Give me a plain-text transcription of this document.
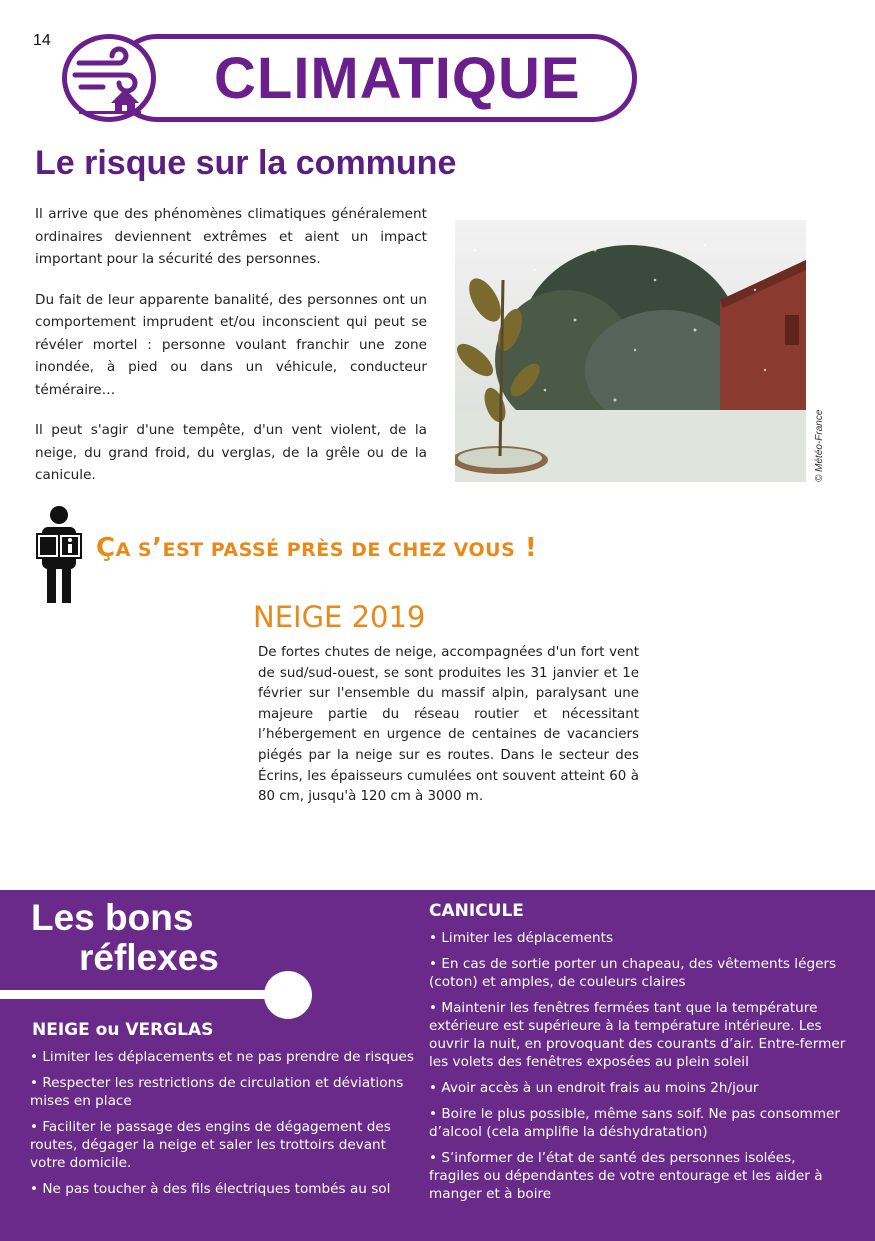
14
CLIMATIQUE
Le risque sur la commune

Il arrive que des phénomènes climatiques généralement ordinaires deviennent extrêmes et aient un impact important pour la sécurité des personnes.

Du fait de leur apparente banalité, des personnes ont un comportement imprudent et/ou inconscient qui peut se révéler mortel : personne voulant franchir une zone inondée, à pied ou dans un véhicule, conducteur téméraire…

Il peut s'agir d'une tempête, d'un vent violent, de la neige, du grand froid, du verglas, de la grêle ou de la canicule.	© Météo-France
ÇA S’EST PASSÉ PRÈS DE CHEZ VOUS !
NEIGE 2019

De fortes chutes de neige, accompagnées d'un fort vent de sud/sud-ouest, se sont produites les 31 janvier et 1e février sur l'ensemble du massif alpin, paralysant une majeure partie du réseau routier et nécessitant l’hébergement en urgence de centaines de vacanciers piégés par la neige sur es routes. Dans le secteur des Écrins, les épaisseurs cumulées ont souvent atteint 60 à 80 cm, jusqu'à 120 cm à 3000 m.

Les bons
réflexes
NEIGE ou VERGLAS
• Limiter les déplacements et ne pas prendre de risques
• Respecter les restrictions de circulation et déviations mises en place
• Faciliter le passage des engins de dégagement des routes, dégager la neige et saler les trottoirs devant votre domicile.
• Ne pas toucher à des fils électriques tombés au sol
CANICULE
• Limiter les déplacements
• En cas de sortie porter un chapeau, des vêtements légers (coton) et amples, de couleurs claires
• Maintenir les fenêtres fermées tant que la température extérieure est supérieure à la température intérieure. Les ouvrir la nuit, en provoquant des courants d’air. Entre-fermer les volets des fenêtres exposées au plein soleil
• Avoir accès à un endroit frais au moins 2h/jour
• Boire le plus possible, même sans soif. Ne pas consommer d’alcool (cela amplifie la déshydratation)
• S’informer de l’état de santé des personnes isolées, fragiles ou dépendantes de votre entourage et les aider à manger et à boire
